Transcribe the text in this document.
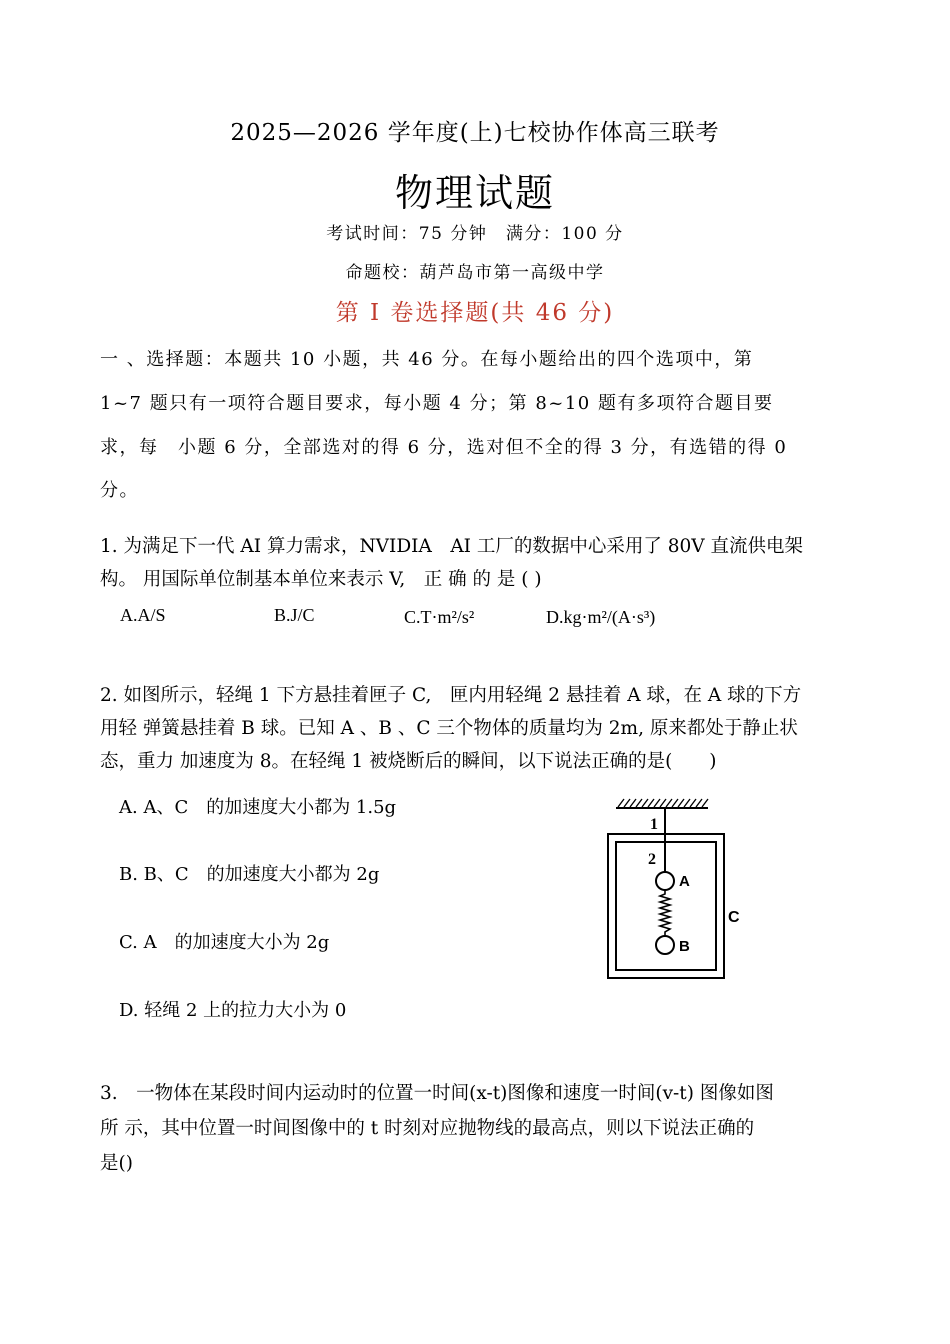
2025—2026 学年度(上)七校协作体高三联考
物理试题
考试时间：75 分钟　满分：100 分
命题校：葫芦岛市第一高级中学
第 I 卷选择题(共 46 分)
一 、选择题：本题共 10 小题，共 46 分。在每小题给出的四个选项中，第
1~7 题只有一项符合题目要求，每小题 4 分；第 8~10 题有多项符合题目要
求，每　小题 6 分，全部选对的得 6 分，选对但不全的得 3 分，有选错的得 0
分。
1. 为满足下一代 AI 算力需求，NVIDIA　AI 工厂的数据中心采用了 80V 直流供电架
构。 用国际单位制基本单位来表示 V,　正 确 的 是 ( )
A.A/S	B.J/C	C.T·m²/s²	D.kg·m²/(A·s³)
2. 如图所示，轻绳 1 下方悬挂着匣子 C,　匣内用轻绳 2 悬挂着 A 球，在 A 球的下方
用轻 弹簧悬挂着 B 球。已知 A 、B 、C 三个物体的质量均为 2m, 原来都处于静止状
态，重力 加速度为 8。在轻绳 1 被烧断后的瞬间，以下说法正确的是(　　)
A. A、C　的加速度大小都为 1.5g
B. B、C　的加速度大小都为 2g
C. A　的加速度大小为 2g
D. 轻绳 2 上的拉力大小为 0
1
2
A
B
C
3.　一物体在某段时间内运动时的位置一时间(x-t)图像和速度一时间(v-t) 图像如图
所 示，其中位置一时间图像中的 t 时刻对应抛物线的最高点，则以下说法正确的
是()
